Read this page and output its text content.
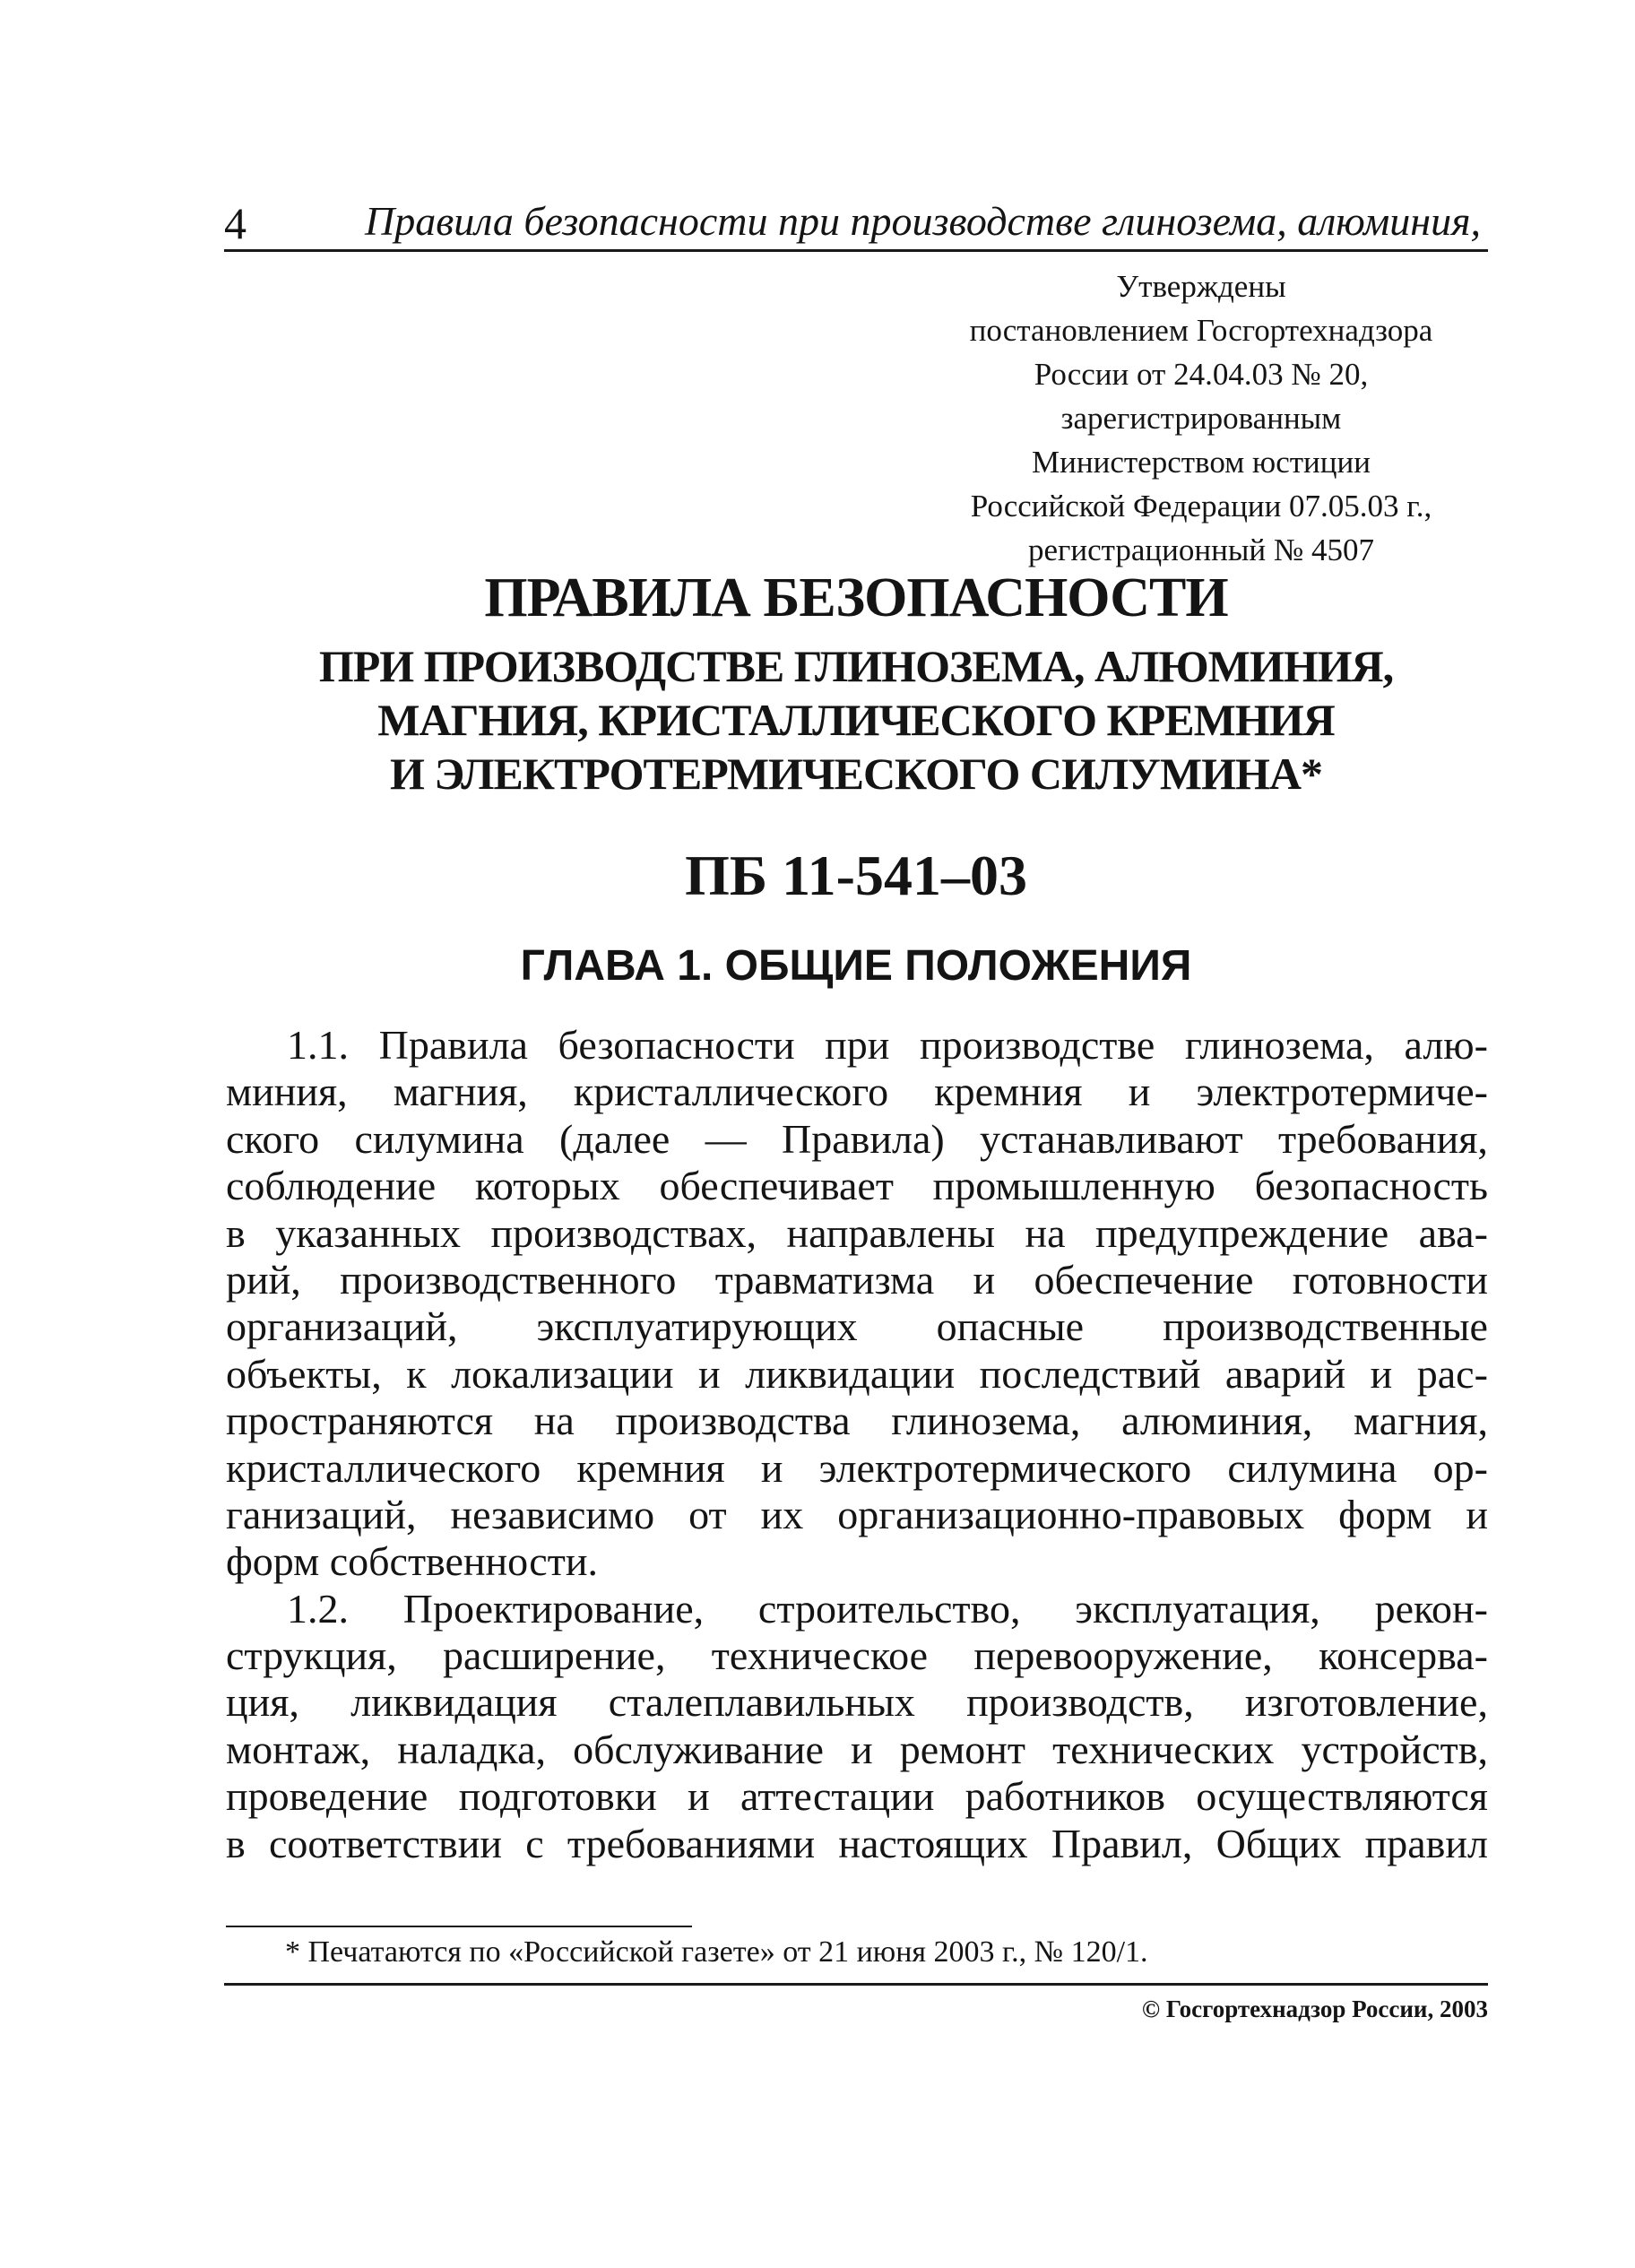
4	Правила безопасности при производстве глинозема, алюминия,
Утверждены
постановлением Госгортехнадзора
России от 24.04.03 № 20,
зарегистрированным
Министерством юстиции
Российской Федерации 07.05.03 г.,
регистрационный № 4507
ПРАВИЛА БЕЗОПАСНОСТИ
ПРИ ПРОИЗВОДСТВЕ ГЛИНОЗЕМА, АЛЮМИНИЯ,
МАГНИЯ, КРИСТАЛЛИЧЕСКОГО КРЕМНИЯ
И ЭЛЕКТРОТЕРМИЧЕСКОГО СИЛУМИНА*
ПБ 11-541–03
ГЛАВА 1. ОБЩИЕ ПОЛОЖЕНИЯ
1.1. Правила безопасности при производстве глинозема, алю-
миния, магния, кристаллического кремния и электротермиче-
ского силумина (далее — Правила) устанавливают требования,
соблюдение которых обеспечивает промышленную безопасность
в указанных производствах, направлены на предупреждение ава-
рий, производственного травматизма и обеспечение готовности
организаций, эксплуатирующих опасные производственные
объекты, к локализации и ликвидации последствий аварий и рас-
пространяются на производства глинозема, алюминия, магния,
кристаллического кремния и электротермического силумина ор-
ганизаций, независимо от их организационно-правовых форм и
форм
собственности.
1.2. Проектирование, строительство, эксплуатация, рекон-
струкция, расширение, техническое перевооружение, консерва-
ция, ликвидация сталеплавильных производств, изготовление,
монтаж, наладка, обслуживание и ремонт технических устройств,
проведение подготовки и аттестации работников осуществляются
в соответствии с требованиями настоящих Правил, Общих правил
* Печатаются по «Российской газете» от 21 июня 2003 г., № 120/1.
© Госгортехнадзор России, 2003
